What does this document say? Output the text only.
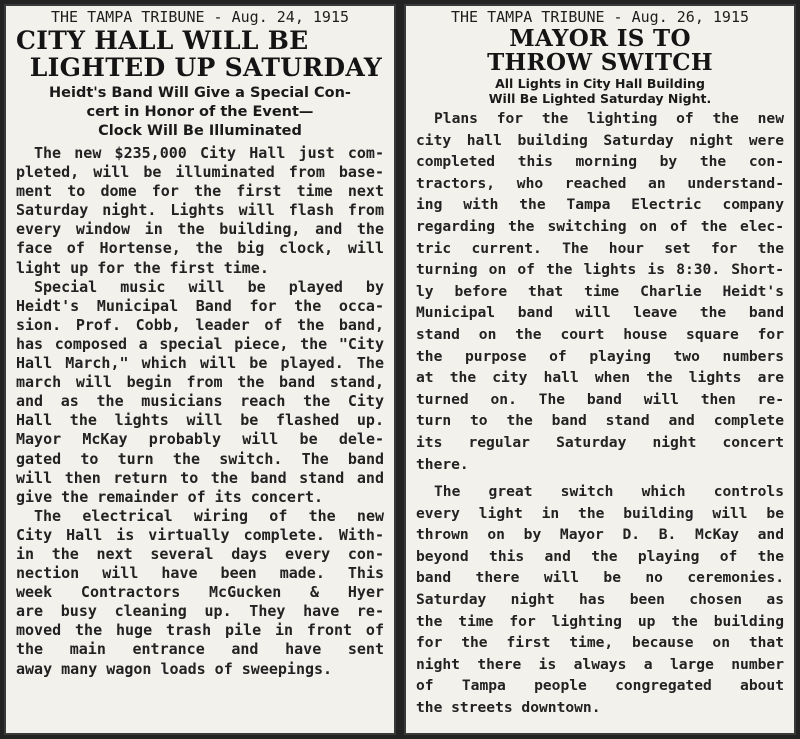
THE TAMPA TRIBUNE - Aug. 24, 1915
CITY HALL WILL BE
LIGHTED UP SATURDAY
Heidt's Band Will Give a Special Con-
cert in Honor of the Event—
Clock Will Be Illuminated
The new $235,000 City Hall just com-
pleted, will be illuminated from base-
ment to dome for the first time next
Saturday night. Lights will flash from
every window in the building, and the
face of Hortense, the big clock, will
light up for the first time.
Special music will be played by
Heidt's Municipal Band for the occa-
sion. Prof. Cobb, leader of the band,
has composed a special piece, the "City
Hall March," which will be played. The
march will begin from the band stand,
and as the musicians reach the City
Hall the lights will be flashed up.
Mayor McKay probably will be dele-
gated to turn the switch. The band
will then return to the band stand and
give the remainder of its concert.
The electrical wiring of the new
City Hall is virtually complete. With-
in the next several days every con-
nection will have been made. This
week Contractors McGucken & Hyer
are busy cleaning up. They have re-
moved the huge trash pile in front of
the main entrance and have sent
away many wagon loads of sweepings.
THE TAMPA TRIBUNE - Aug. 26, 1915
MAYOR IS TO
THROW SWITCH
All Lights in City Hall Building
Will Be Lighted Saturday Night.
Plans for the lighting of the new
city hall building Saturday night were
completed this morning by the con-
tractors, who reached an understand-
ing with the Tampa Electric company
regarding the switching on of the elec-
tric current. The hour set for the
turning on of the lights is 8:30. Short-
ly before that time Charlie Heidt's
Municipal band will leave the band
stand on the court house square for
the purpose of playing two numbers
at the city hall when the lights are
turned on. The band will then re-
turn to the band stand and complete
its regular Saturday night concert
there.
The great switch which controls
every light in the building will be
thrown on by Mayor D. B. McKay and
beyond this and the playing of the
band there will be no ceremonies.
Saturday night has been chosen as
the time for lighting up the building
for the first time, because on that
night there is always a large number
of Tampa people congregated about
the streets downtown.
